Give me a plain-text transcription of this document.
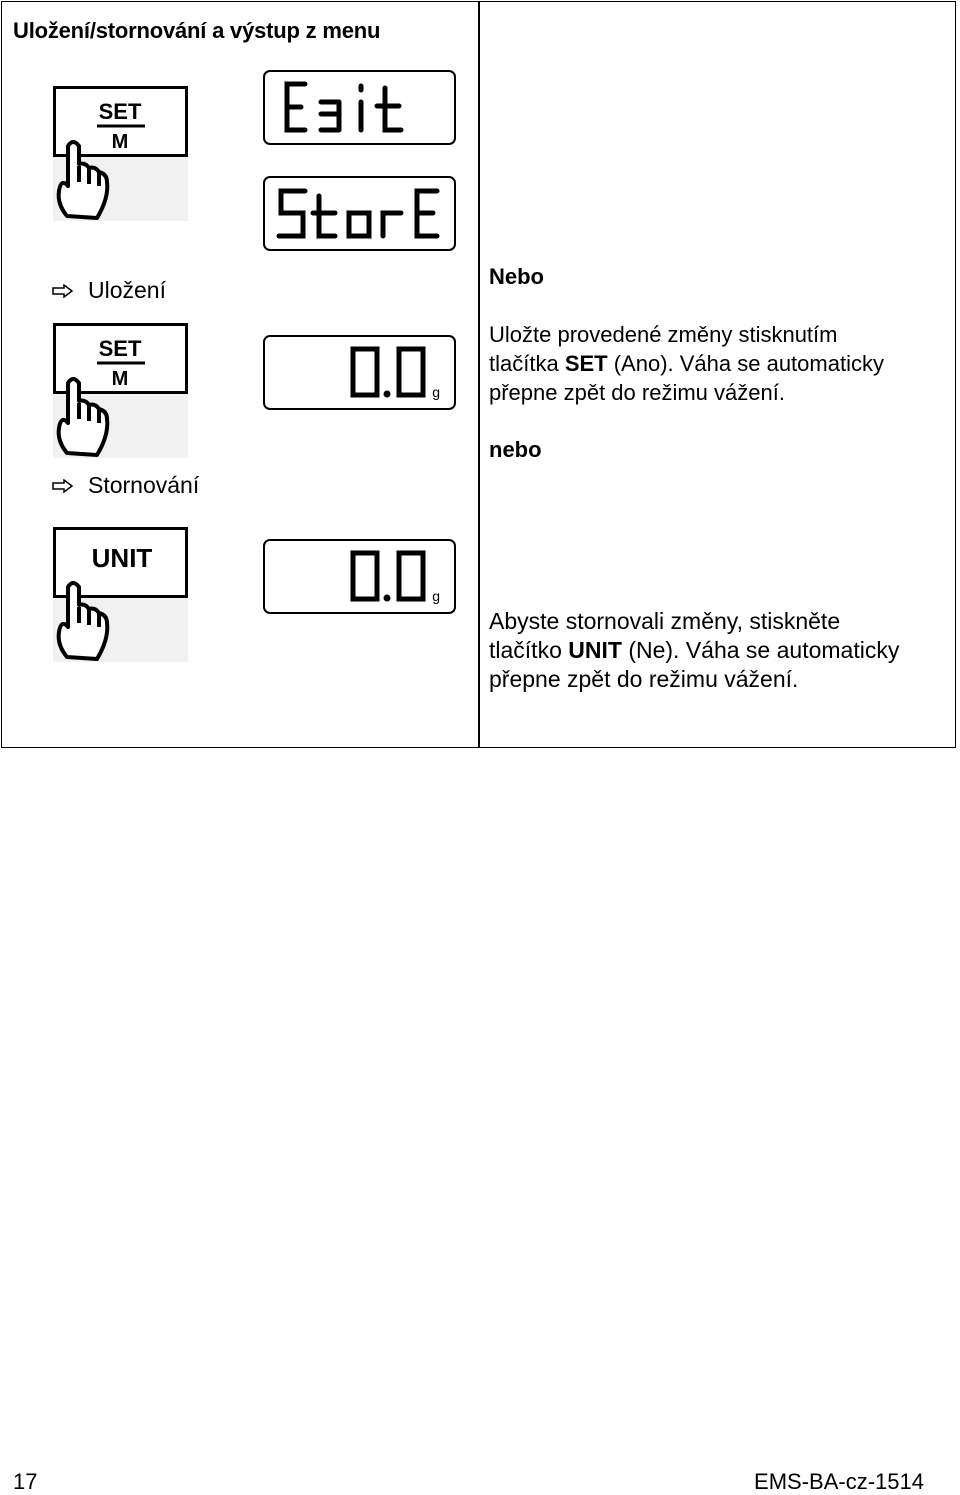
Uložení/stornování a výstup z menu
SET
M
Uložení
SET
M
g
Stornování
UNIT
g
Nebo
Uložte provedené změny stisknutím
tlačítka SET (Ano). Váha se automaticky
přepne zpět do režimu vážení.
nebo
Abyste stornovali změny, stiskněte
tlačítko UNIT (Ne). Váha se automaticky
přepne zpět do režimu vážení.
17	EMS-BA-cz-1514
